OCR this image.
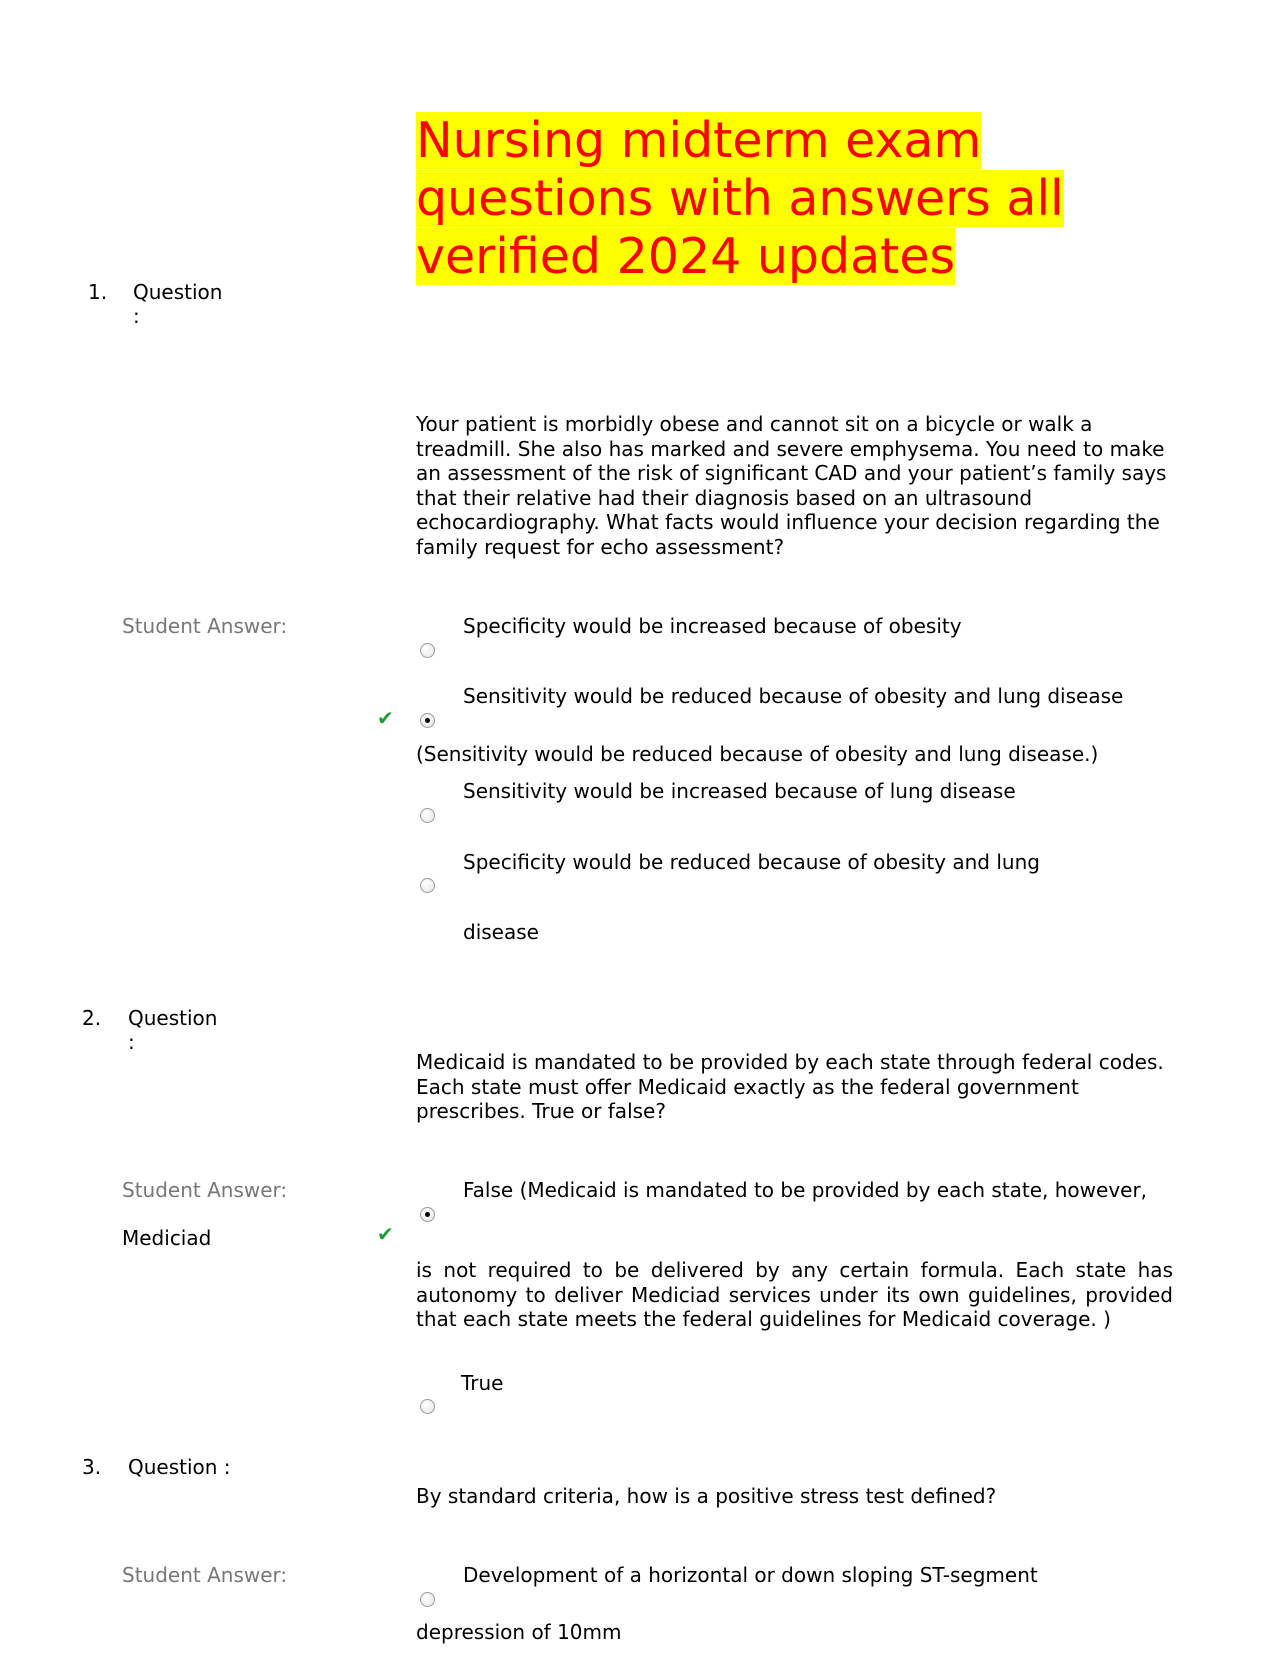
Nursing midterm exam
questions with answers all
verified 2024 updates
1. Question
:
Your patient is morbidly obese and cannot sit on a bicycle or walk a treadmill. She also has marked and severe emphysema. You need to make an assessment of the risk of significant CAD and your patient’s family says that their relative had their diagnosis based on an ultrasound echocardiography. What facts would influence your decision regarding the family request for echo assessment?
Student Answer:	Specificity would be increased because of obesity
Sensitivity would be reduced because of obesity and lung disease
✔
(Sensitivity would be reduced because of obesity and lung disease.)
Sensitivity would be increased because of lung disease
Specificity would be reduced because of obesity and lung
disease
2. Question
:
Medicaid is mandated to be provided by each state through federal codes. Each state must offer Medicaid exactly as the federal government prescribes. True or false?
Student Answer:
Mediciad
False (Medicaid is mandated to be provided by each state, however,
✔
is not required to be delivered by any certain formula. Each state has autonomy to deliver Mediciad services under its own guidelines, provided that each state meets the federal guidelines for Medicaid coverage. )
True
3. Question :
By standard criteria, how is a positive stress test defined?
Student Answer:	Development of a horizontal or down sloping ST-segment
depression of 10mm
